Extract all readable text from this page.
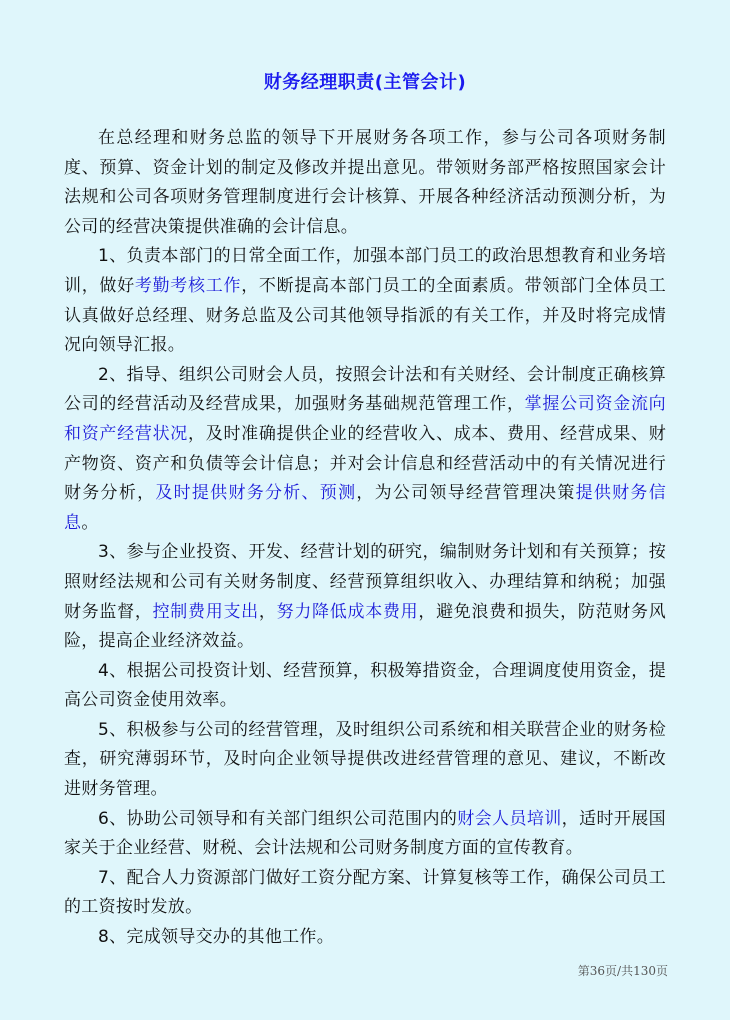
财务经理职责(主管会计)

在总经理和财务总监的领导下开展财务各项工作，参与公司各项财务制度、预算、资金计划的制定及修改并提出意见。带领财务部严格按照国家会计法规和公司各项财务管理制度进行会计核算、开展各种经济活动预测分析，为公司的经营决策提供准确的会计信息。

1、负责本部门的日常全面工作，加强本部门员工的政治思想教育和业务培训，做好考勤考核工作，不断提高本部门员工的全面素质。带领部门全体员工认真做好总经理、财务总监及公司其他领导指派的有关工作，并及时将完成情况向领导汇报。

2、指导、组织公司财会人员，按照会计法和有关财经、会计制度正确核算公司的经营活动及经营成果，加强财务基础规范管理工作，掌握公司资金流向和资产经营状况，及时准确提供企业的经营收入、成本、费用、经营成果、财产物资、资产和负债等会计信息；并对会计信息和经营活动中的有关情况进行财务分析，及时提供财务分析、预测，为公司领导经营管理决策提供财务信息。

3、参与企业投资、开发、经营计划的研究，编制财务计划和有关预算；按照财经法规和公司有关财务制度、经营预算组织收入、办理结算和纳税；加强财务监督，控制费用支出，努力降低成本费用，避免浪费和损失，防范财务风险，提高企业经济效益。

4、根据公司投资计划、经营预算，积极筹措资金，合理调度使用资金，提高公司资金使用效率。

5、积极参与公司的经营管理，及时组织公司系统和相关联营企业的财务检查，研究薄弱环节，及时向企业领导提供改进经营管理的意见、建议，不断改进财务管理。

6、协助公司领导和有关部门组织公司范围内的财会人员培训，适时开展国家关于企业经营、财税、会计法规和公司财务制度方面的宣传教育。

7、配合人力资源部门做好工资分配方案、计算复核等工作，确保公司员工的工资按时发放。

8、完成领导交办的其他工作。

第36页/共130页
